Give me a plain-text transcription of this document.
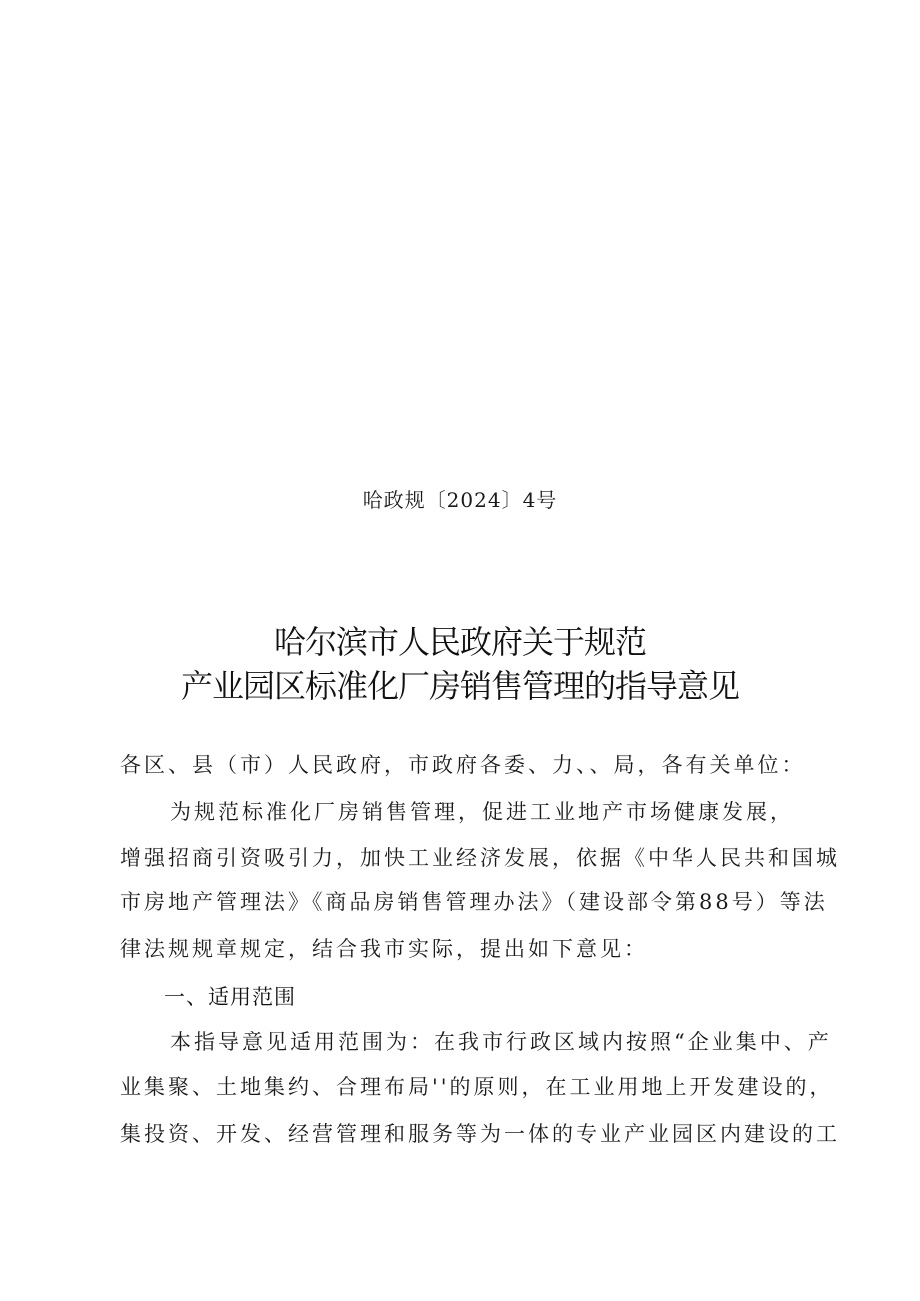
哈政规〔2024〕4号
哈尔滨市人民政府关于规范
产业园区标准化厂房销售管理的指导意见
各区、县（市）人民政府，市政府各委、力、、局，各有关单位：
为规范标准化厂房销售管理，促进工业地产市场健康发展，
增强招商引资吸引力，加快工业经济发展，依据《中华人民共和国城
市房地产管理法》《商品房销售管理办法》（建设部令第88号）等法
律法规规章规定，结合我市实际，提出如下意见：
一、适用范围
本指导意见适用范围为：在我市行政区域内按照“企业集中、产
业集聚、土地集约、合理布局''的原则，在工业用地上开发建设的，
集投资、开发、经营管理和服务等为一体的专业产业园区内建设的工
